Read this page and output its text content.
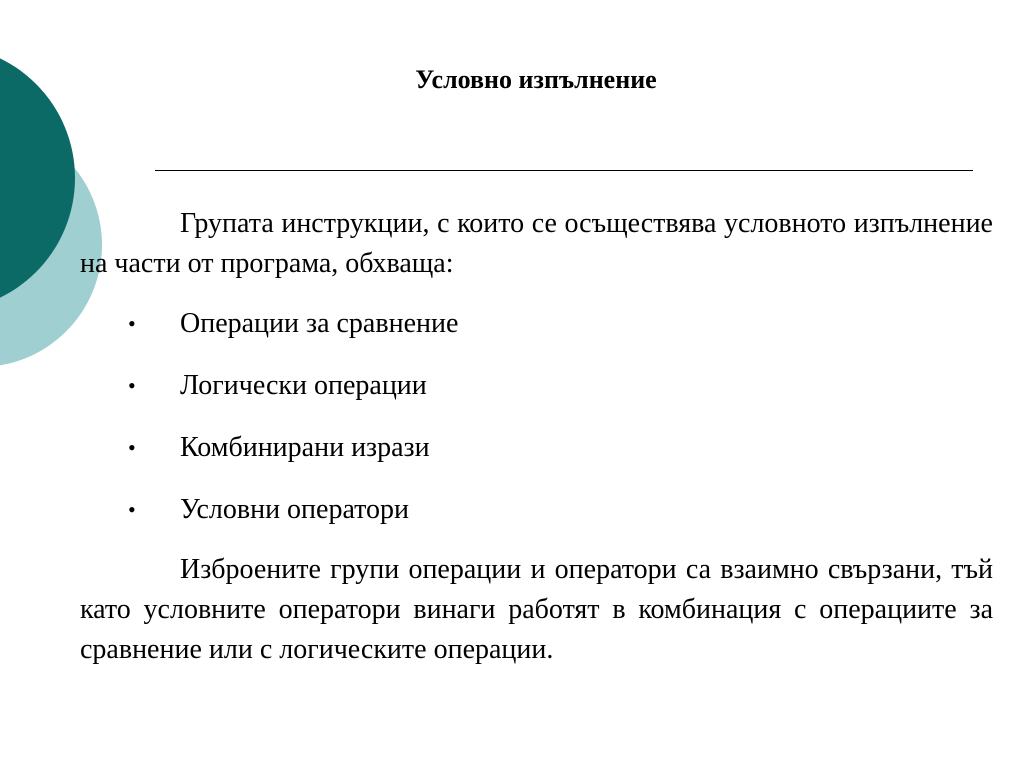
Условно изпълнение

Групата инструкции, с които се осъществява условното изпълнение на части от програма, обхваща:

• Операции за сравнение
• Логически операции
• Комбинирани изрази
• Условни оператори

Изброените групи операции и оператори са взаимно свързани, тъй като условните оператори винаги работят в комбинация с операциите за сравнение или с логическите операции.
